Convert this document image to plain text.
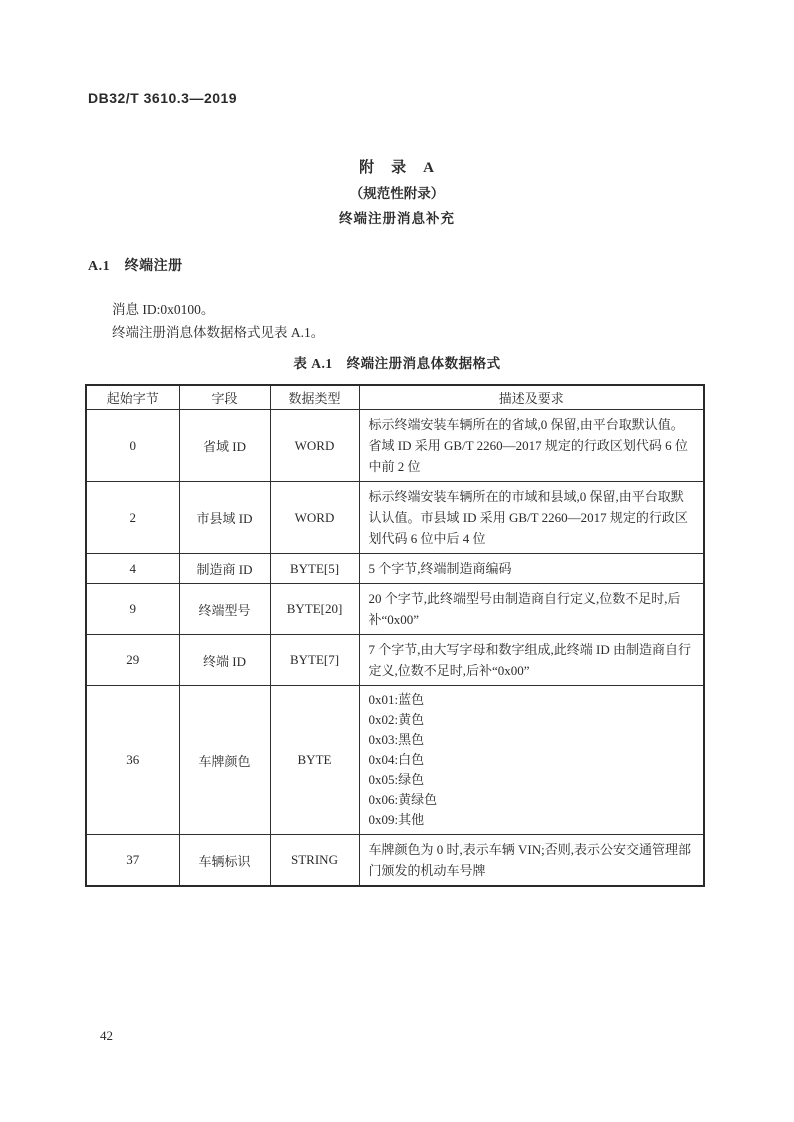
DB32/T 3610.3—2019
附　录　A
（规范性附录）
终端注册消息补充
A.1　终端注册
消息 ID:0x0100。
终端注册消息体数据格式见表 A.1。
表 A.1　终端注册消息体数据格式
起始字节	字段	数据类型	描述及要求
0	省域 ID	WORD	标示终端安装车辆所在的省域,0 保留,由平台取默认值。省域 ID 采用 GB/T 2260—2017 规定的行政区划代码 6 位中前 2 位

2	市县域 ID	WORD	标示终端安装车辆所在的市域和县域,0 保留,由平台取默认认值。市县域 ID 采用 GB/T 2260—2017 规定的行政区划代码 6 位中后 4 位

4	制造商 ID	BYTE[5]	5 个字节,终端制造商编码

9	终端型号	BYTE[20]	20 个字节,此终端型号由制造商自行定义,位数不足时,后补“0x00”

29	终端 ID	BYTE[7]	7 个字节,由大写字母和数字组成,此终端 ID 由制造商自行定义,位数不足时,后补“0x00”

36	车牌颜色	BYTE	
0x01:蓝色
0x02:黄色
0x03:黑色
0x04:白色
0x05:绿色
0x06:黄绿色
0x09:其他

37	车辆标识	STRING	车牌颜色为 0 时,表示车辆 VIN;否则,表示公安交通管理部门颁发的机动车号牌
42
